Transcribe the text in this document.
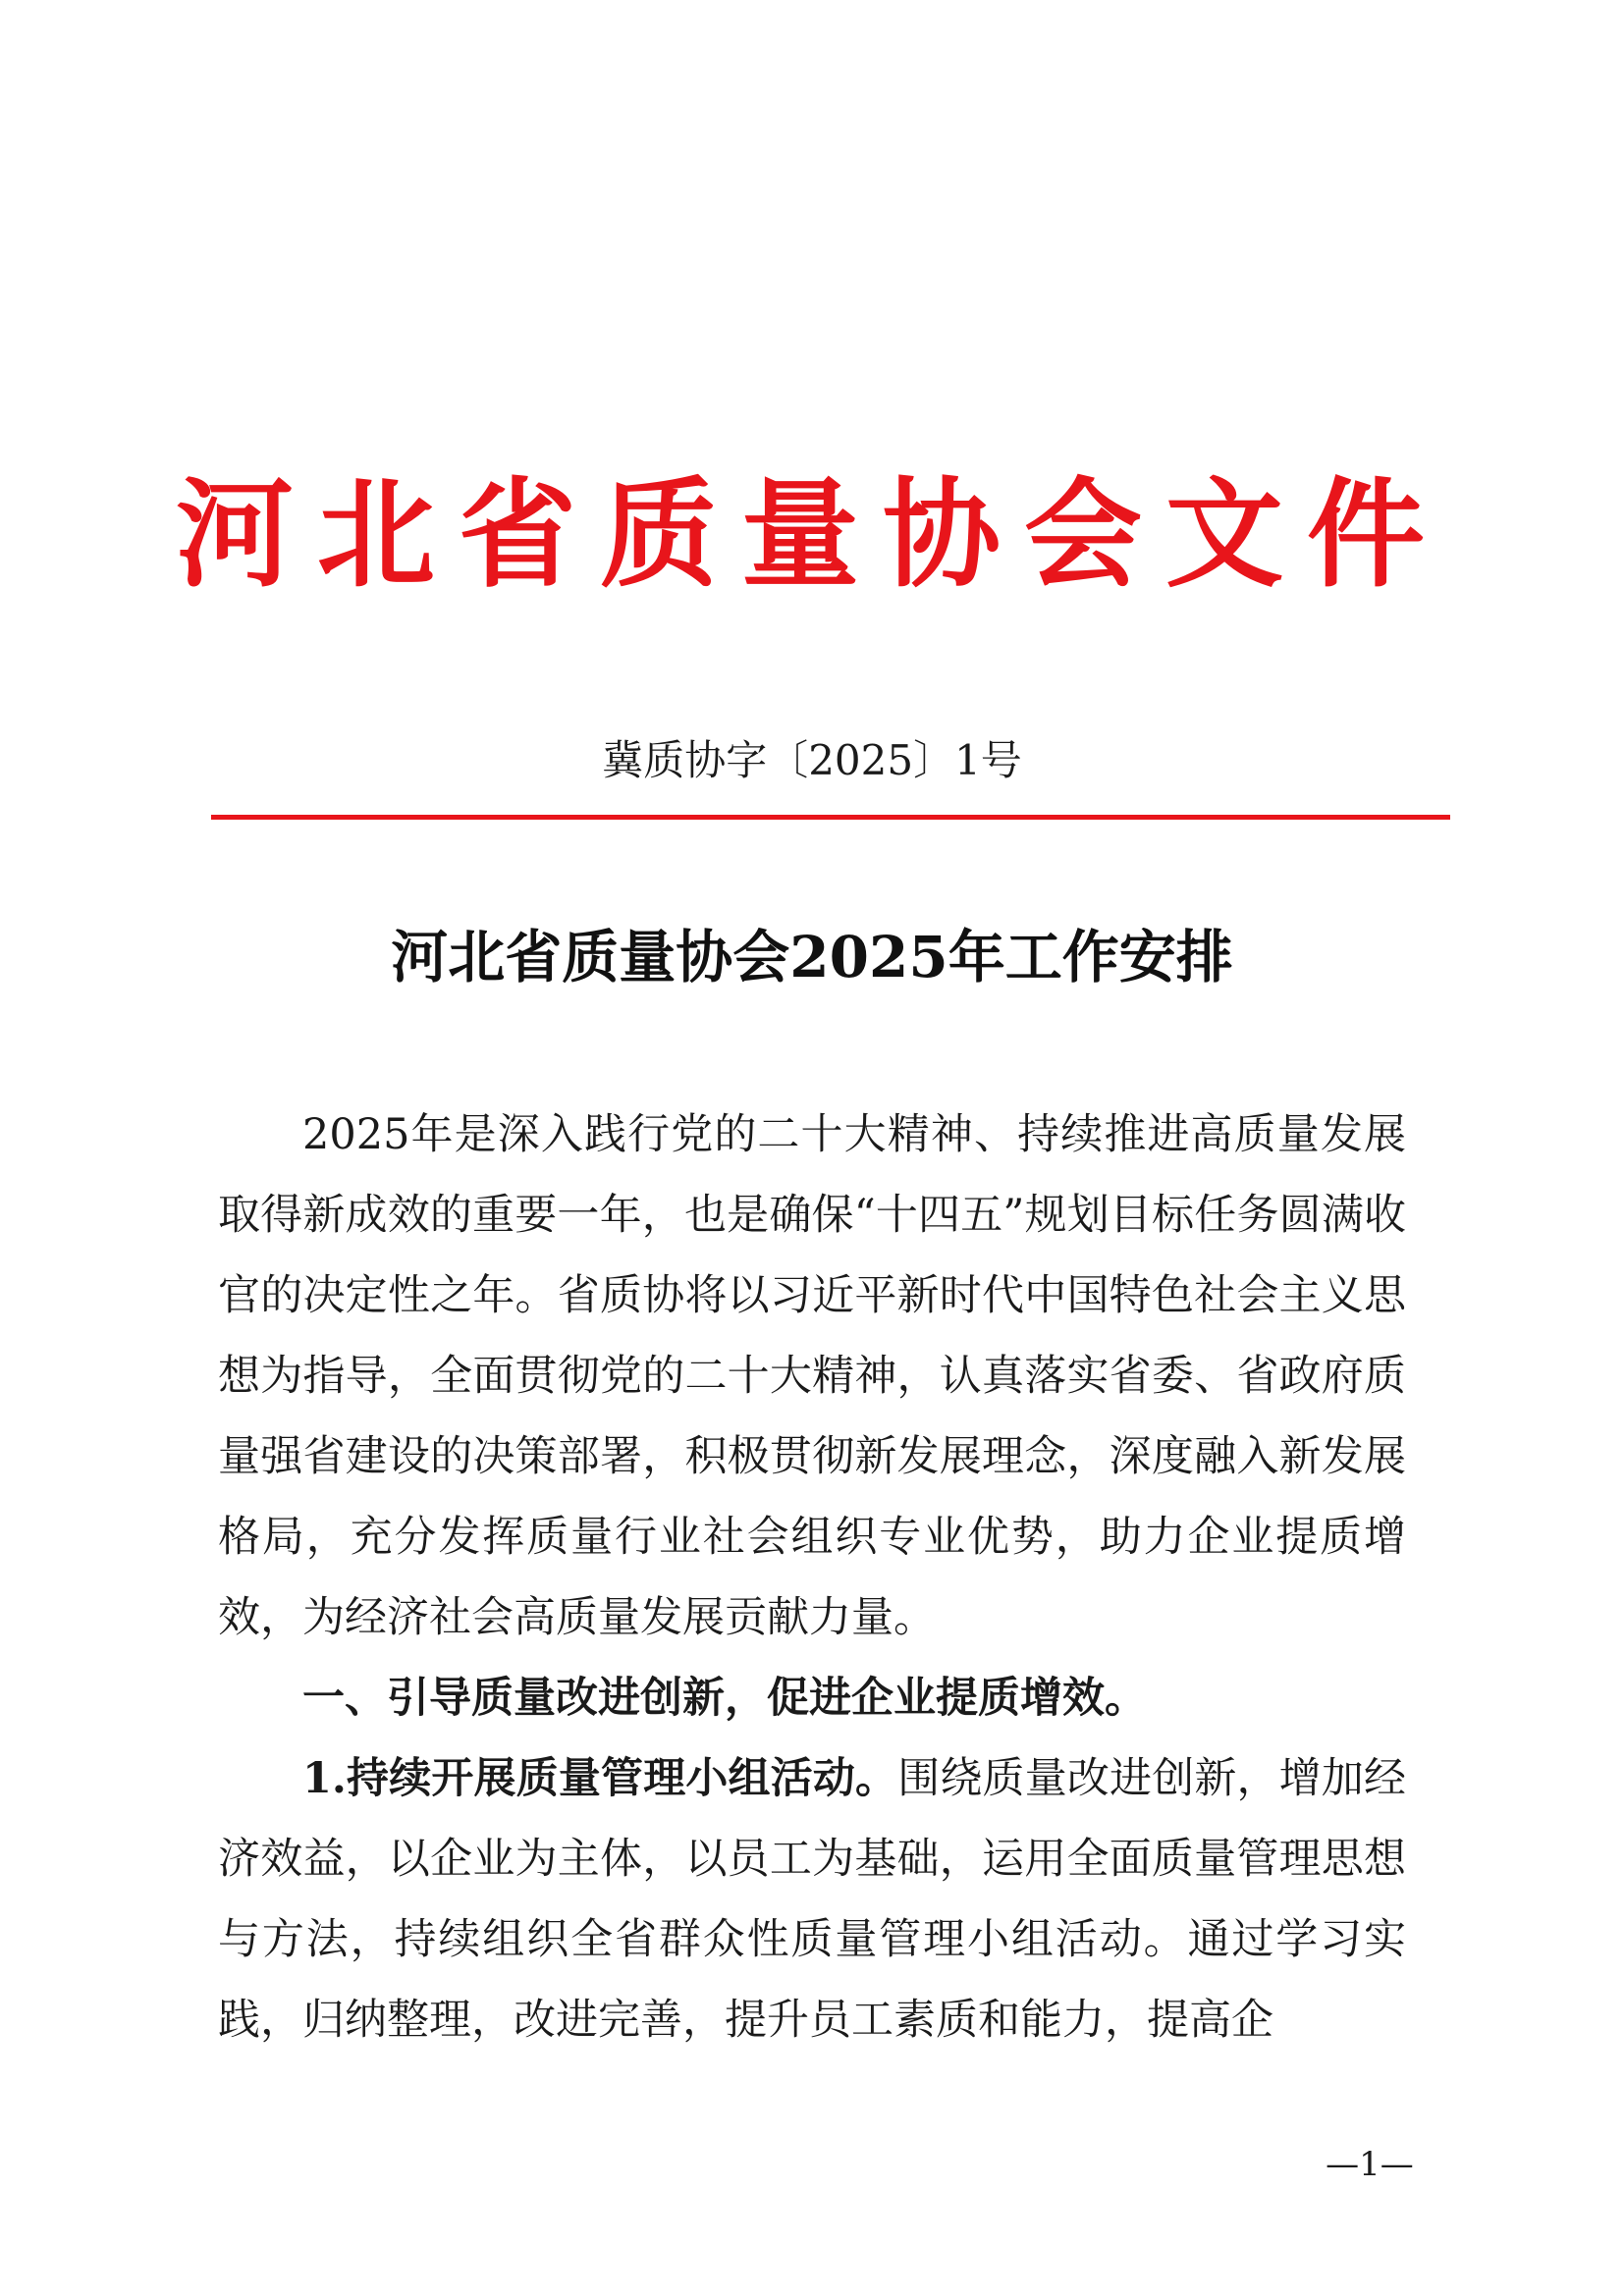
河北省质量协会文件
冀质协字〔2025〕1号
河北省质量协会2025年工作安排

2025年是深入践行党的二十大精神、持续推进高质量发展取得新成效的重要一年，也是确保“十四五”规划目标任务圆满收官的决定性之年。省质协将以习近平新时代中国特色社会主义思想为指导，全面贯彻党的二十大精神，认真落实省委、省政府质量强省建设的决策部署，积极贯彻新发展理念，深度融入新发展格局，充分发挥质量行业社会组织专业优势，助力企业提质增效，为经济社会高质量发展贡献力量。

一、引导质量改进创新，促进企业提质增效。

1.持续开展质量管理小组活动。围绕质量改进创新，增加经济效益，以企业为主体，以员工为基础，运用全面质量管理思想与方法，持续组织全省群众性质量管理小组活动。通过学习实践，归纳整理，改进完善，提升员工素质和能力，提高企

—1—
